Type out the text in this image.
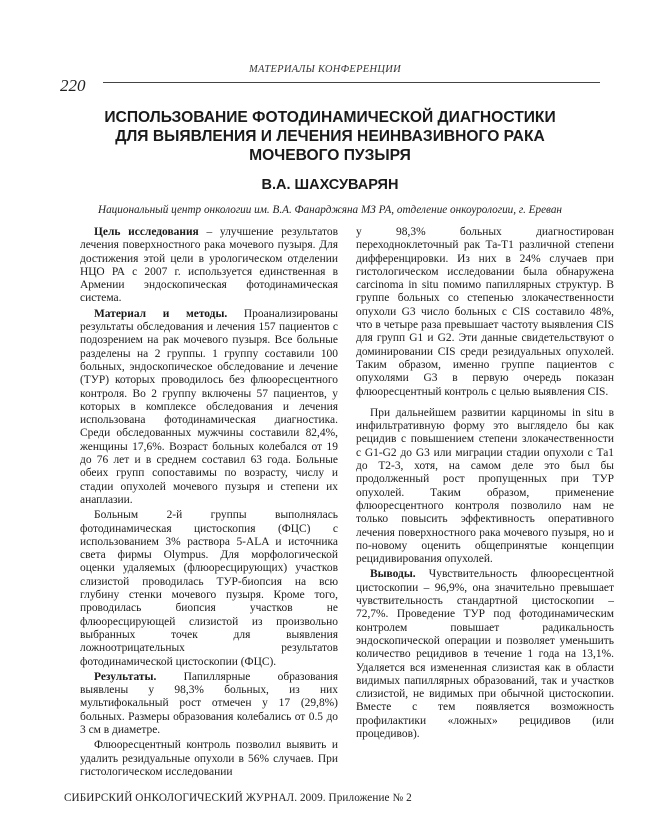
МАТЕРИАЛЫ КОНФЕРЕНЦИИ
220
ИСПОЛЬЗОВАНИЕ ФОТОДИНАМИЧЕСКОЙ ДИАГНОСТИКИ
ДЛЯ ВЫЯВЛЕНИЯ И ЛЕЧЕНИЯ НЕИНВАЗИВНОГО РАКА
МОЧЕВОГО ПУЗЫРЯ
В.А. ШАХСУВАРЯН
Национальный центр онкологии им. В.А. Фанарджяна МЗ РА, отделение онкоурологии, г. Ереван

Цель исследования – улучшение результатов лечения поверхностного рака мочевого пузыря. Для достижения этой цели в урологическом отделении НЦО РА с 2007 г. используется единственная в Армении эндоскопическая фотодинамическая система.

Материал и методы. Проанализированы результаты обследования и лечения 157 пациентов с подозрением на рак мочевого пузыря. Все больные разделены на 2 группы. 1 группу составили 100 больных, эндоскопическое обследование и лечение (ТУР) которых проводилось без флюоресцентного контроля. Во 2 группу включены 57 пациентов, у которых в комплексе обследования и лечения использована фотодинамическая диагностика. Среди обследованных мужчины составили 82,4%, женщины 17,6%. Возраст больных колебался от 19 до 76 лет и в среднем составил 63 года. Больные обеих групп сопоставимы по возрасту, числу и стадии опухолей мочевого пузыря и степени их анаплазии.

Больным 2-й группы выполнялась фотодинамическая цистоскопия (ФЦС) с использованием 3% раствора 5-ALA и источника света фирмы Olympus. Для морфологической оценки удаляемых (флюоресцирующих) участков слизистой проводилась ТУР-биопсия на всю глубину стенки мочевого пузыря. Кроме того, проводилась биопсия участков не флюоресцирующей слизистой из произвольно выбранных точек для выявления ложноотрицательных результатов фотодинамической цистоскопии (ФЦС).

Результаты. Папиллярные образования выявлены у 98,3% больных, из них мультифокальный рост отмечен у 17 (29,8%) больных. Размеры образования колебались от 0.5 до 3 см в диаметре.

Флюоресцентный контроль позволил выявить и удалить резидуальные опухоли в 56% случаев. При гистологическом исследовании

у 98,3% больных диагностирован переходноклеточный рак Та-Т1 различной степени дифференцировки. Из них в 24% случаев при гистологическом исследовании была обнаружена carcinoma in situ помимо папиллярных структур. В группе больных со степенью злокачественности опухоли G3 число больных с CIS составило 48%, что в четыре раза превышает частоту выявления CIS для групп G1 и G2. Эти данные свидетельствуют о доминировании CIS среди резидуальных опухолей. Таким образом, именно группе пациентов с опухолями G3 в первую очередь показан флюоресцентный контроль с целью выявления CIS.

При дальнейшем развитии карциномы in situ в инфильтративную форму это выглядело бы как рецидив с повышением степени злокачественности с G1-G2 до G3 или миграции стадии опухоли с Та1 до Т2-3, хотя, на самом деле это был бы продолженный рост пропущенных при ТУР опухолей. Таким образом, применение флюоресцентного контроля позволило нам не только повысить эффективность оперативного лечения поверхностного рака мочевого пузыря, но и по-новому оценить общепринятые концепции рецидивирования опухолей.

Выводы. Чувствительность флюоресцентной цистоскопии – 96,9%, она значительно превышает чувствительность стандартной цистоскопии – 72,7%. Проведение ТУР под фотодинамическим контролем повышает радикальность эндоскопической операции и позволяет уменьшить количество рецидивов в течение 1 года на 13,1%. Удаляется вся измененная слизистая как в области видимых папиллярных образований, так и участков слизистой, не видимых при обычной цистоскопии. Вместе с тем появляется возможность профилактики «ложных» рецидивов (или процедивов).

СИБИРСКИЙ ОНКОЛОГИЧЕСКИЙ ЖУРНАЛ. 2009. Приложение № 2
